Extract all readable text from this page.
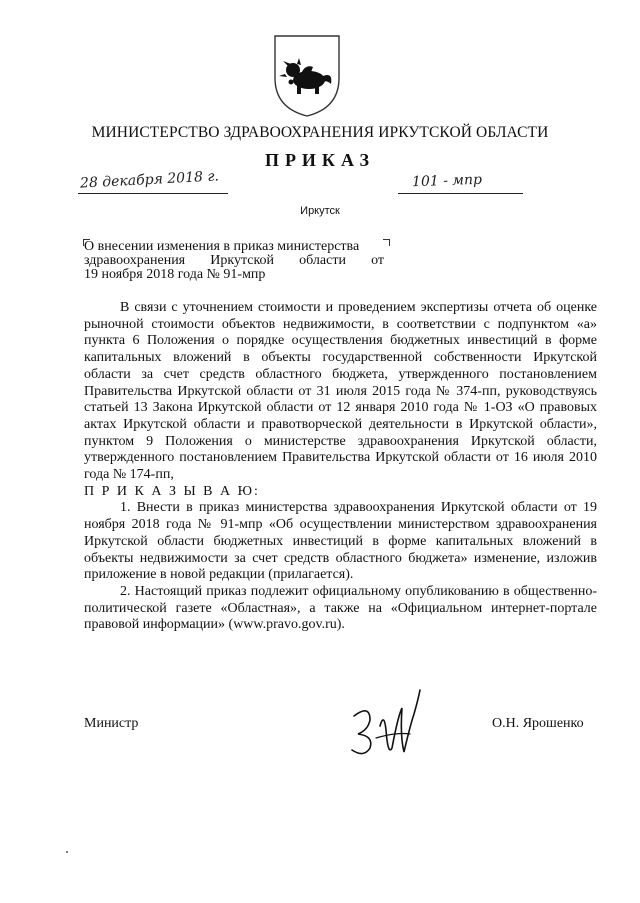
МИНИСТЕРСТВО ЗДРАВООХРАНЕНИЯ ИРКУТСКОЙ ОБЛАСТИ
ПРИКАЗ
28 декабря 2018 г.	101 - мпр
Иркутск
О внесении изменения в приказ министерства
здравоохранения Иркутской области от
19 ноября 2018 года № 91-мпр

В связи с уточнением стоимости и проведением экспертизы отчета об оценке рыночной стоимости объектов недвижимости, в соответствии с подпунктом «а» пункта 6 Положения о порядке осуществления бюджетных инвестиций в форме капитальных вложений в объекты государственной собственности Иркутской области за счет средств областного бюджета, утвержденного постановлением Правительства Иркутской области от 31 июля 2015 года № 374-пп, руководствуясь статьей 13 Закона Иркутской области от 12 января 2010 года № 1-ОЗ «О правовых актах Иркутской области и правотворческой деятельности в Иркутской области», пунктом 9 Положения о министерстве здравоохранения Иркутской области, утвержденного постановлением Правительства Иркутской области от 16 июля 2010 года № 174-пп,

П Р И К А З Ы В А Ю:

1. Внести в приказ министерства здравоохранения Иркутской области от 19 ноября 2018 года № 91-мпр «Об осуществлении министерством здравоохранения Иркутской области бюджетных инвестиций в форме капитальных вложений в объекты недвижимости за счет средств областного бюджета» изменение, изложив приложение в новой редакции (прилагается).

2. Настоящий приказ подлежит официальному опубликованию в общественно-политической газете «Областная», а также на «Официальном интернет-портале правовой информации» (www.pravo.gov.ru).

Министр	О.Н. Ярошенко
